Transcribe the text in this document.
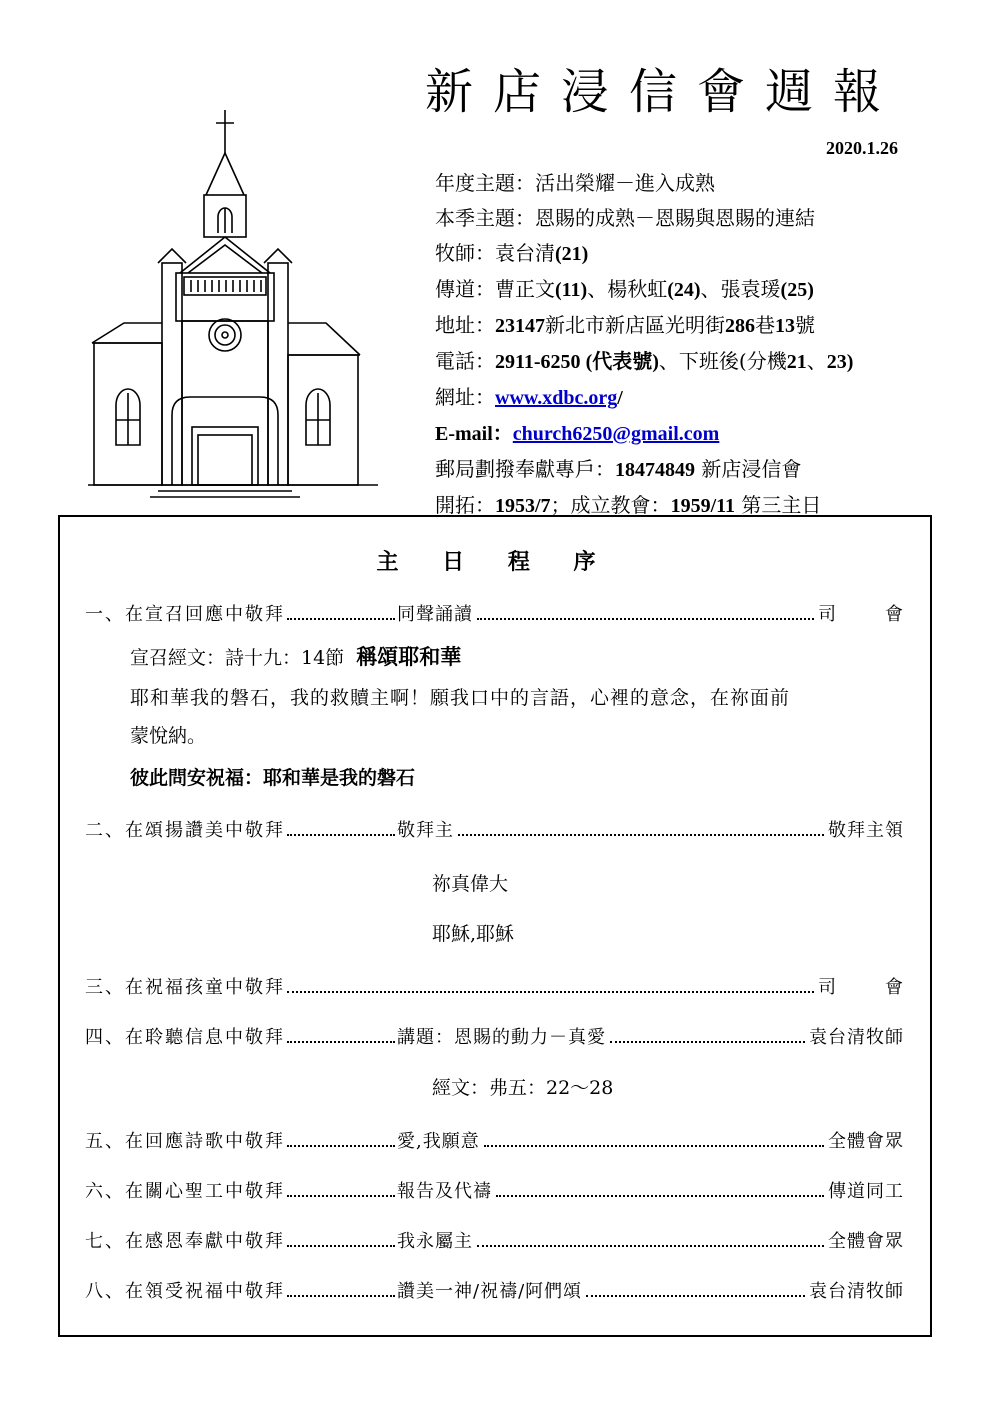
新店浸信會週報
2020.1.26
年度主題：活出榮耀－進入成熟
本季主題：恩賜的成熟－恩賜與恩賜的連結
牧師：袁台清(21)
傳道：曹正文(11)、楊秋虹(24)、張袁瑗(25)
地址：23147新北市新店區光明街286巷13號
電話：2911-6250 (代表號)、下班後(分機21、23)
網址：www.xdbc.org/
E-mail：church6250@gmail.com
郵局劃撥奉獻專戶：18474849 新店浸信會
開拓：1953/7；成立教會：1959/11 第三主日
主 日 程 序
一、在宣召回應中敬拜	同聲誦讀	司	會
宣召經文：詩十九：14節 稱頌耶和華
耶和華我的磐石，我的救贖主啊！願我口中的言語，心裡的意念，在祢面前
蒙悅納。
彼此問安祝福：耶和華是我的磐石
二、在頌揚讚美中敬拜	敬拜主	敬拜主領
祢真偉大
耶穌,耶穌
三、在祝福孩童中敬拜	司	會
四、在聆聽信息中敬拜	講題：恩賜的動力－真愛	袁台清牧師
經文：弗五：22～28
五、在回應詩歌中敬拜	愛,我願意	全體會眾
六、在關心聖工中敬拜	報告及代禱	傳道同工
七、在感恩奉獻中敬拜	我永屬主	全體會眾
八、在領受祝福中敬拜	讚美一神/祝禱/阿們頌	袁台清牧師
